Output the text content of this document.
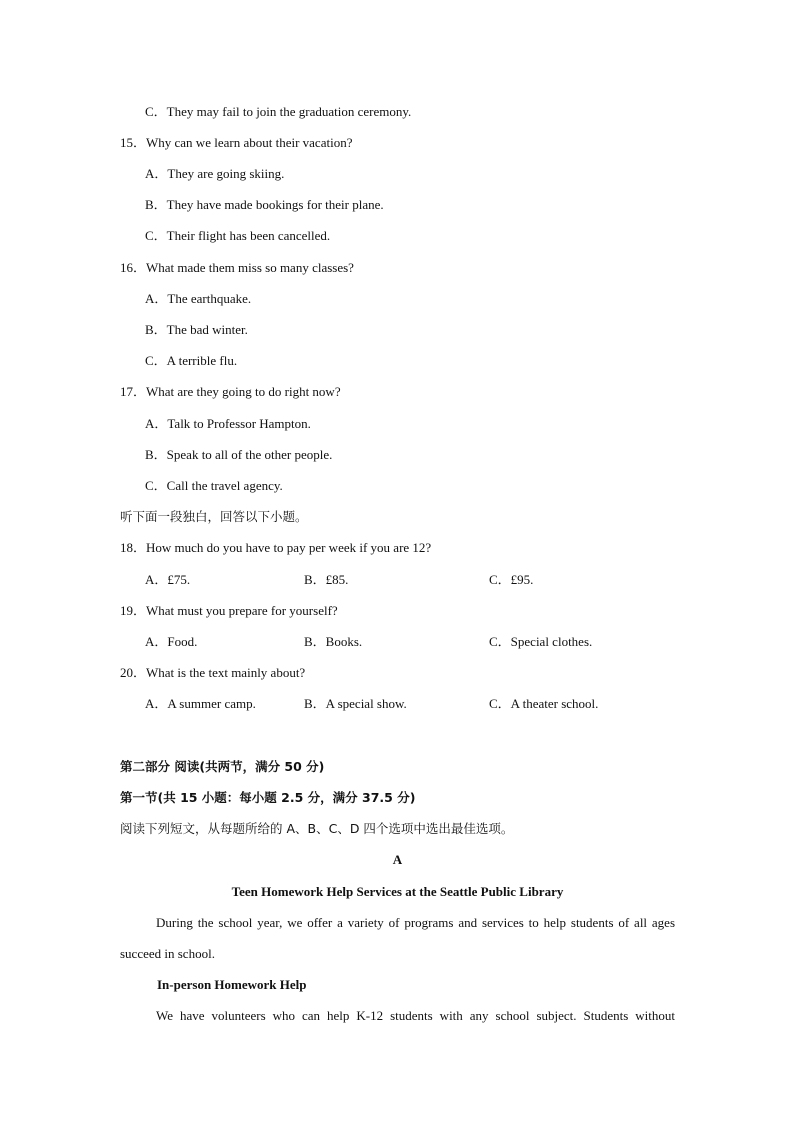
C．They may fail to join the graduation ceremony.
15．Why can we learn about their vacation?
A．They are going skiing.
B．They have made bookings for their plane.
C．Their flight has been cancelled.
16．What made them miss so many classes?
A．The earthquake.
B．The bad winter.
C．A terrible flu.
17．What are they going to do right now?
A．Talk to Professor Hampton.
B．Speak to all of the other people.
C．Call the travel agency.
听下面一段独白，回答以下小题。
18．How much do you have to pay per week if you are 12?
A．£75.	B．£85.	C．£95.
19．What must you prepare for yourself?
A．Food.	B．Books.	C．Special clothes.
20．What is the text mainly about?
A．A summer camp.	B．A special show.	C．A theater school.
第二部分 阅读(共两节，满分 50 分)
第一节(共 15 小题：每小题 2.5 分，满分 37.5 分)
阅读下列短文，从每题所给的 A、B、C、D 四个选项中选出最佳选项。
A
Teen Homework Help Services at the Seattle Public Library
During the school year, we offer a variety of programs and services to help students of all ages succeed in school.
In-person Homework Help
We have volunteers who can help K-12 students with any school subject. Students without
